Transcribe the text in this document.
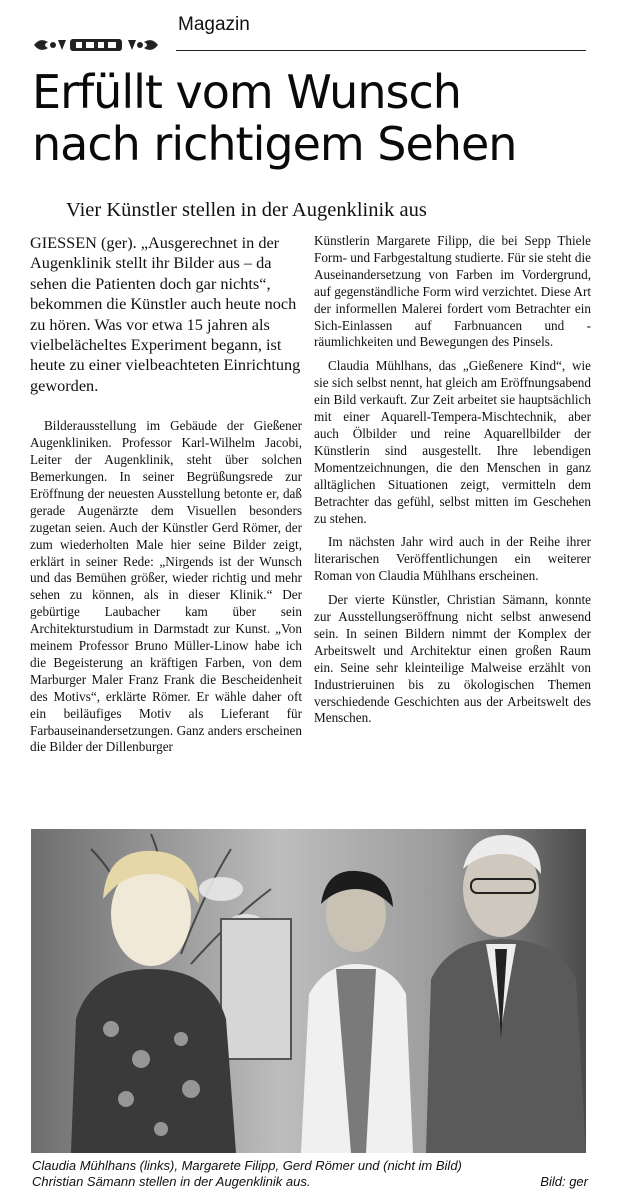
Magazin
Erfüllt vom Wunsch
nach richtigem Sehen
Vier Künstler stellen in der Augenklinik aus

GIESSEN (ger). „Ausgerechnet in der Augenklinik stellt ihr Bilder aus – da sehen die Patienten doch gar nichts“, bekommen die Künstler auch heute noch zu hören. Was vor etwa 15 jahren als vielbelächeltes Experiment begann, ist heute zu einer vielbeachteten Einrichtung geworden.

Bilderausstellung im Gebäude der Gießener Augenkliniken. Professor Karl-Wilhelm Jacobi, Leiter der Augenklinik, steht über solchen Bemerkungen. In seiner Begrüßungsrede zur Eröffnung der neuesten Ausstellung betonte er, daß gerade Augenärzte dem Visuellen besonders zugetan seien. Auch der Künstler Gerd Römer, der zum wiederholten Male hier seine Bilder zeigt, erklärt in seiner Rede: „Nirgends ist der Wunsch und das Bemühen größer, wieder richtig und mehr sehen zu können, als in dieser Klinik.“ Der gebürtige Laubacher kam über sein Architekturstudium in Darmstadt zur Kunst. „Von meinem Professor Bruno Müller-Linow habe ich die Begeisterung an kräftigen Farben, von dem Marburger Maler Franz Frank die Bescheidenheit des Motivs“, erklärte Römer. Er wähle daher oft ein beiläufiges Motiv als Lieferant für Farbauseinandersetzungen. Ganz anders erscheinen die Bilder der Dillenburger

Künstlerin Margarete Filipp, die bei Sepp Thiele Form- und Farbgestaltung studierte. Für sie steht die Auseinandersetzung von Farben im Vordergrund, auf gegenständliche Form wird verzichtet. Diese Art der informellen Malerei fordert vom Betrachter ein Sich-Einlassen auf Farbnuancen und -räumlichkeiten und Bewegungen des Pinsels.

Claudia Mühlhans, das „Gießenere Kind“, wie sie sich selbst nennt, hat gleich am Eröffnungsabend ein Bild verkauft. Zur Zeit arbeitet sie hauptsächlich mit einer Aquarell-Tempera-Mischtechnik, aber auch Ölbilder und reine Aquarellbilder der Künstlerin sind ausgestellt. Ihre lebendigen Momentzeichnungen, die den Menschen in ganz alltäglichen Situationen zeigt, vermitteln dem Betrachter das gefühl, selbst mitten im Geschehen zu stehen.

Im nächsten Jahr wird auch in der Reihe ihrer literarischen Veröffentlichungen ein weiterer Roman von Claudia Mühlhans erscheinen.

Der vierte Künstler, Christian Sämann, konnte zur Ausstellungseröffnung nicht selbst anwesend sein. In seinen Bildern nimmt der Komplex der Arbeitswelt und Architektur einen großen Raum ein. Seine sehr kleinteilige Malweise erzählt von Industrieruinen bis zu ökologischen Themen verschiedende Geschichten aus der Arbeitswelt des Menschen.

Claudia Mühlhans (links), Margarete Filipp, Gerd Römer und (nicht im Bild)
Christian Sämann stellen in der Augenklinik aus.	Bild: ger
